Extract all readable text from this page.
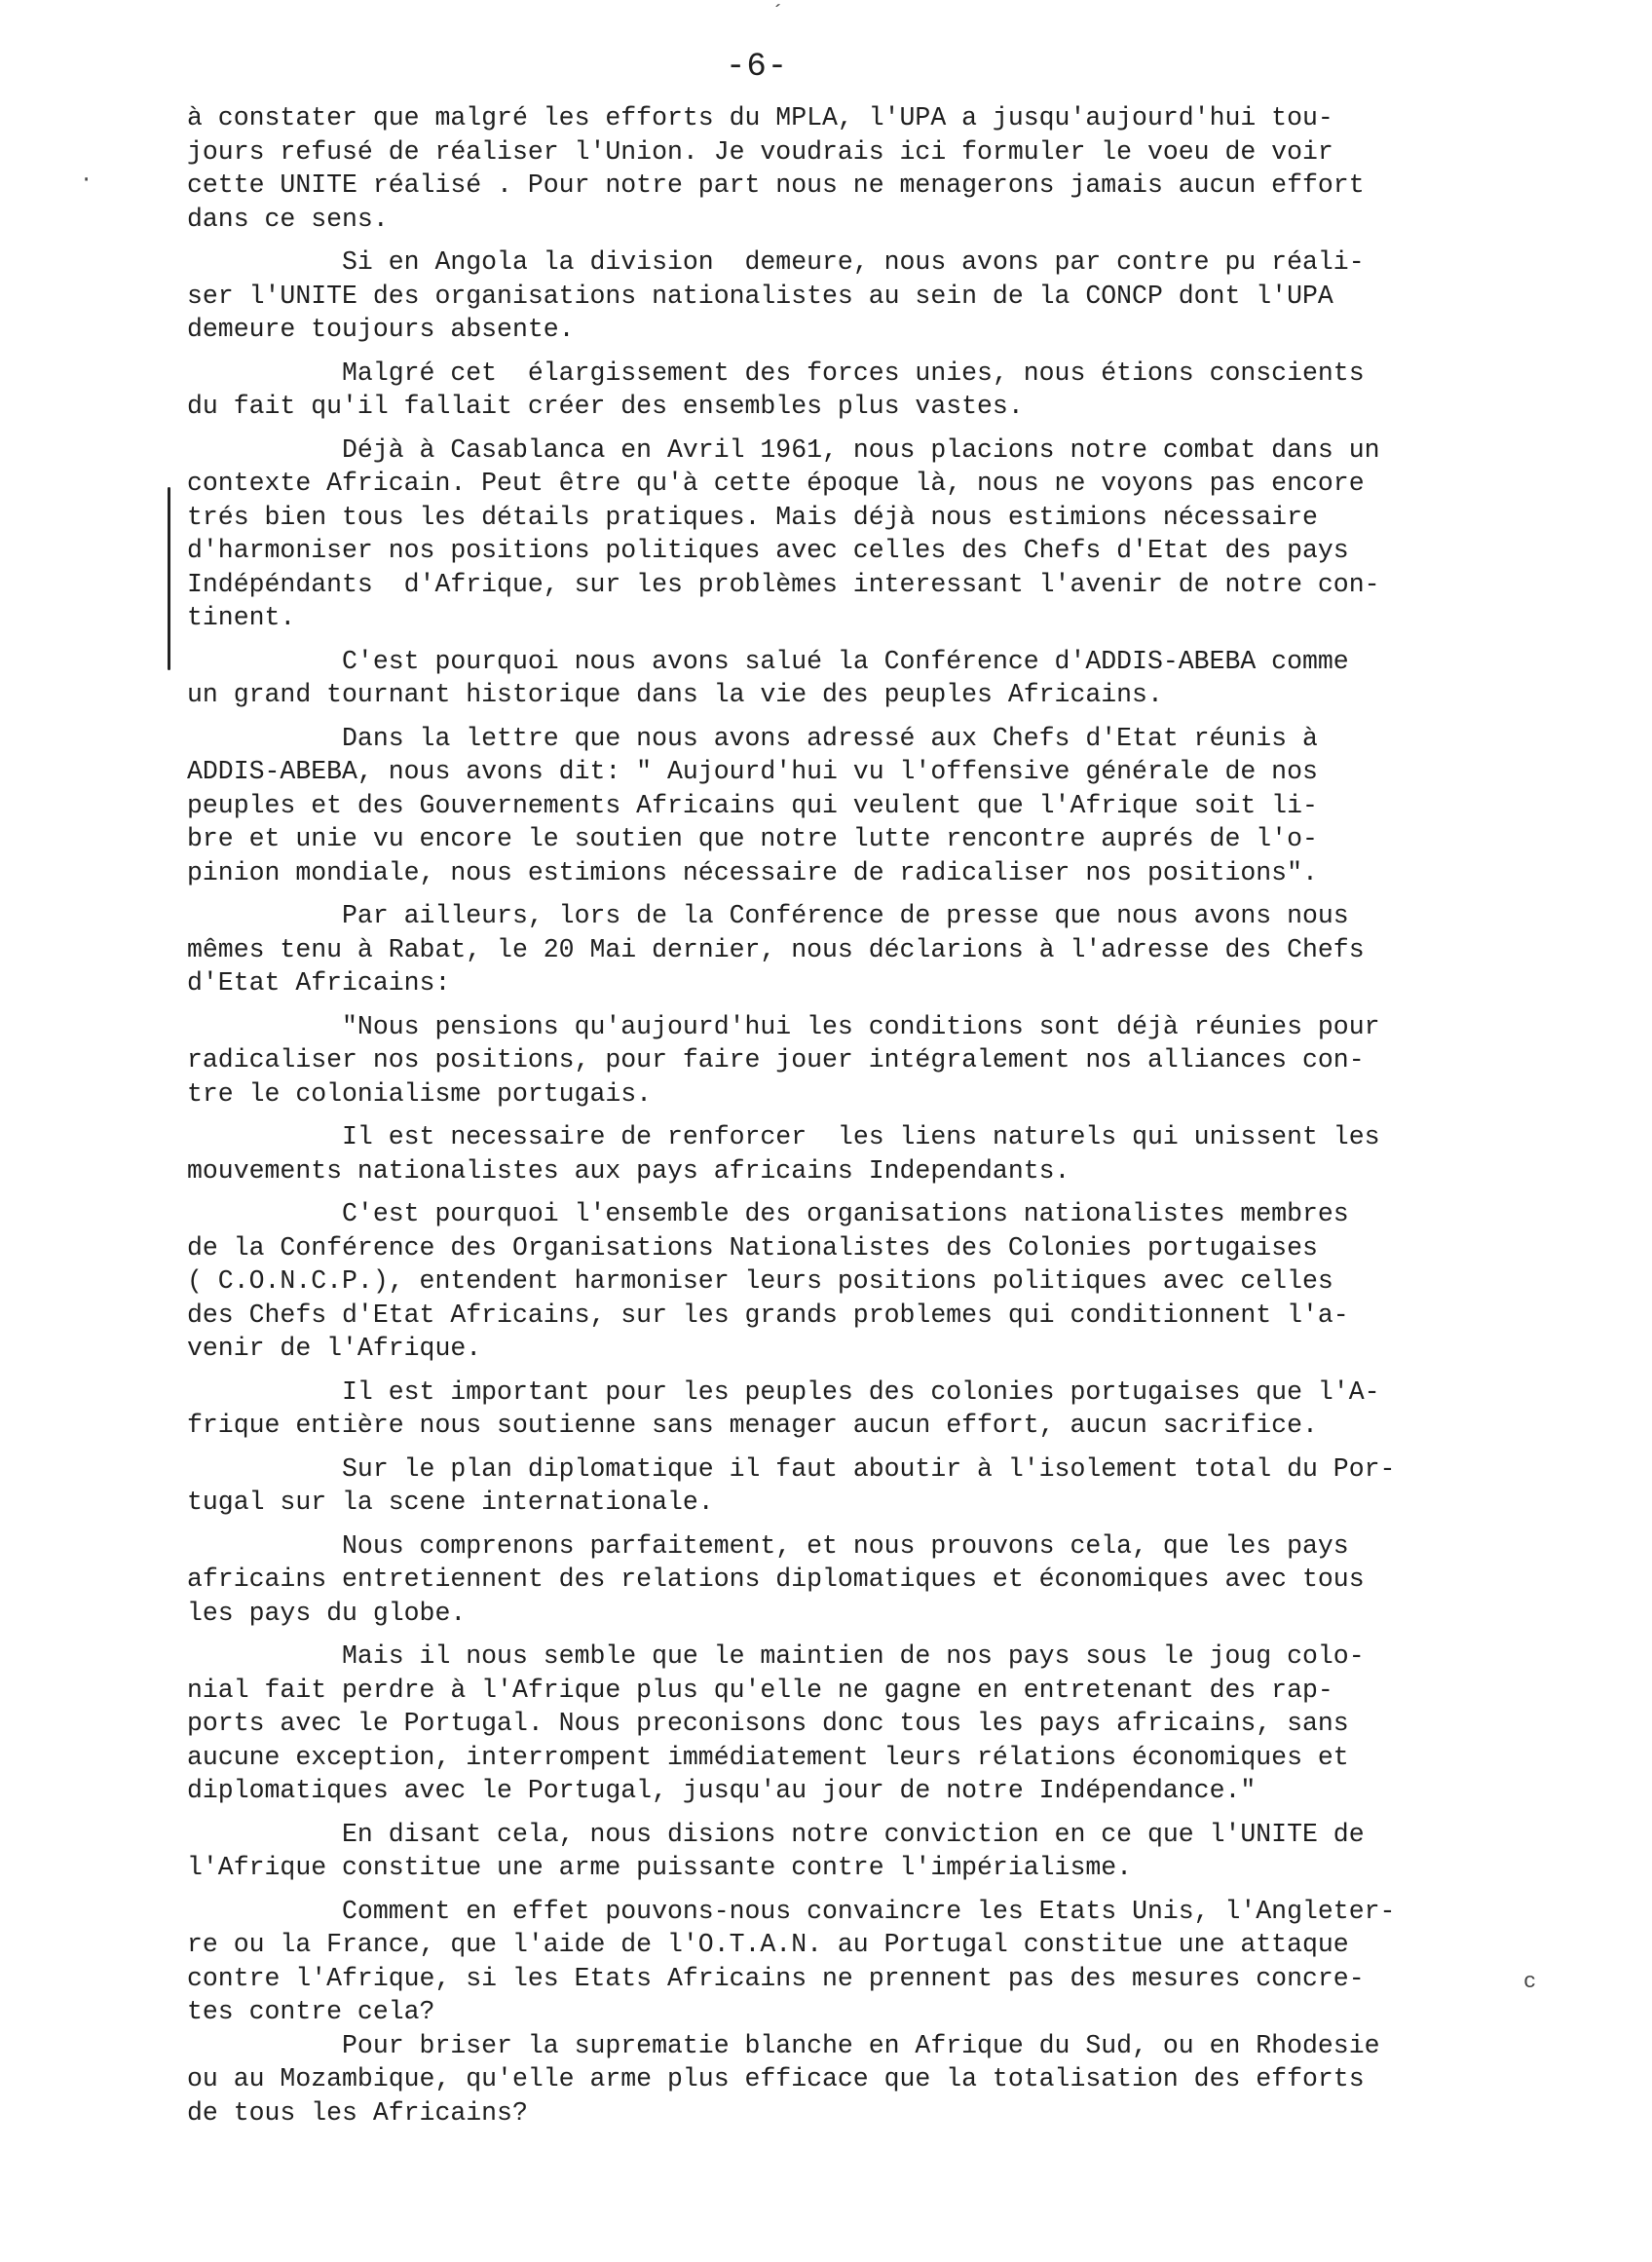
-6-
´
·
c

à constater que malgré les efforts du MPLA, l'UPA a jusqu'aujourd'hui tou-
jours refusé de réaliser l'Union. Je voudrais ici formuler le voeu de voir
cette UNITE réalisé . Pour notre part nous ne menagerons jamais aucun effort
dans ce sens.

Si en Angola la division  demeure, nous avons par contre pu réali-
ser l'UNITE des organisations nationalistes au sein de la CONCP dont l'UPA
demeure toujours absente.

Malgré cet  élargissement des forces unies, nous étions conscients
du fait qu'il fallait créer des ensembles plus vastes.

Déjà à Casablanca en Avril 1961, nous placions notre combat dans un
contexte Africain. Peut être qu'à cette époque là, nous ne voyons pas encore
trés bien tous les détails pratiques. Mais déjà nous estimions nécessaire
d'harmoniser nos positions politiques avec celles des Chefs d'Etat des pays
Indépéndants  d'Afrique, sur les problèmes interessant l'avenir de notre con-
tinent.

C'est pourquoi nous avons salué la Conférence d'ADDIS-ABEBA comme
un grand tournant historique dans la vie des peuples Africains.

Dans la lettre que nous avons adressé aux Chefs d'Etat réunis à
ADDIS-ABEBA, nous avons dit: " Aujourd'hui vu l'offensive générale de nos
peuples et des Gouvernements Africains qui veulent que l'Afrique soit li-
bre et unie vu encore le soutien que notre lutte rencontre auprés de l'o-
pinion mondiale, nous estimions nécessaire de radicaliser nos positions".

Par ailleurs, lors de la Conférence de presse que nous avons nous
mêmes tenu à Rabat, le 20 Mai dernier, nous déclarions à l'adresse des Chefs
d'Etat Africains:

"Nous pensions qu'aujourd'hui les conditions sont déjà réunies pour
radicaliser nos positions, pour faire jouer intégralement nos alliances con-
tre le colonialisme portugais.

Il est necessaire de renforcer  les liens naturels qui unissent les
mouvements nationalistes aux pays africains Independants.

C'est pourquoi l'ensemble des organisations nationalistes membres
de la Conférence des Organisations Nationalistes des Colonies portugaises
( C.O.N.C.P.), entendent harmoniser leurs positions politiques avec celles
des Chefs d'Etat Africains, sur les grands problemes qui conditionnent l'a-
venir de l'Afrique.

Il est important pour les peuples des colonies portugaises que l'A-
frique entière nous soutienne sans menager aucun effort, aucun sacrifice.

Sur le plan diplomatique il faut aboutir à l'isolement total du Por-
tugal sur la scene internationale.

Nous comprenons parfaitement, et nous prouvons cela, que les pays
africains entretiennent des relations diplomatiques et économiques avec tous
les pays du globe.

Mais il nous semble que le maintien de nos pays sous le joug colo-
nial fait perdre à l'Afrique plus qu'elle ne gagne en entretenant des rap-
ports avec le Portugal. Nous preconisons donc tous les pays africains, sans
aucune exception, interrompent immédiatement leurs rélations économiques et
diplomatiques avec le Portugal, jusqu'au jour de notre Indépendance."

En disant cela, nous disions notre conviction en ce que l'UNITE de
l'Afrique constitue une arme puissante contre l'impérialisme.

Comment en effet pouvons-nous convaincre les Etats Unis, l'Angleter-
re ou la France, que l'aide de l'O.T.A.N. au Portugal constitue une attaque
contre l'Afrique, si les Etats Africains ne prennent pas des mesures concre-
tes contre cela?
Pour briser la suprematie blanche en Afrique du Sud, ou en Rhodesie
ou au Mozambique, qu'elle arme plus efficace que la totalisation des efforts
de tous les Africains?
